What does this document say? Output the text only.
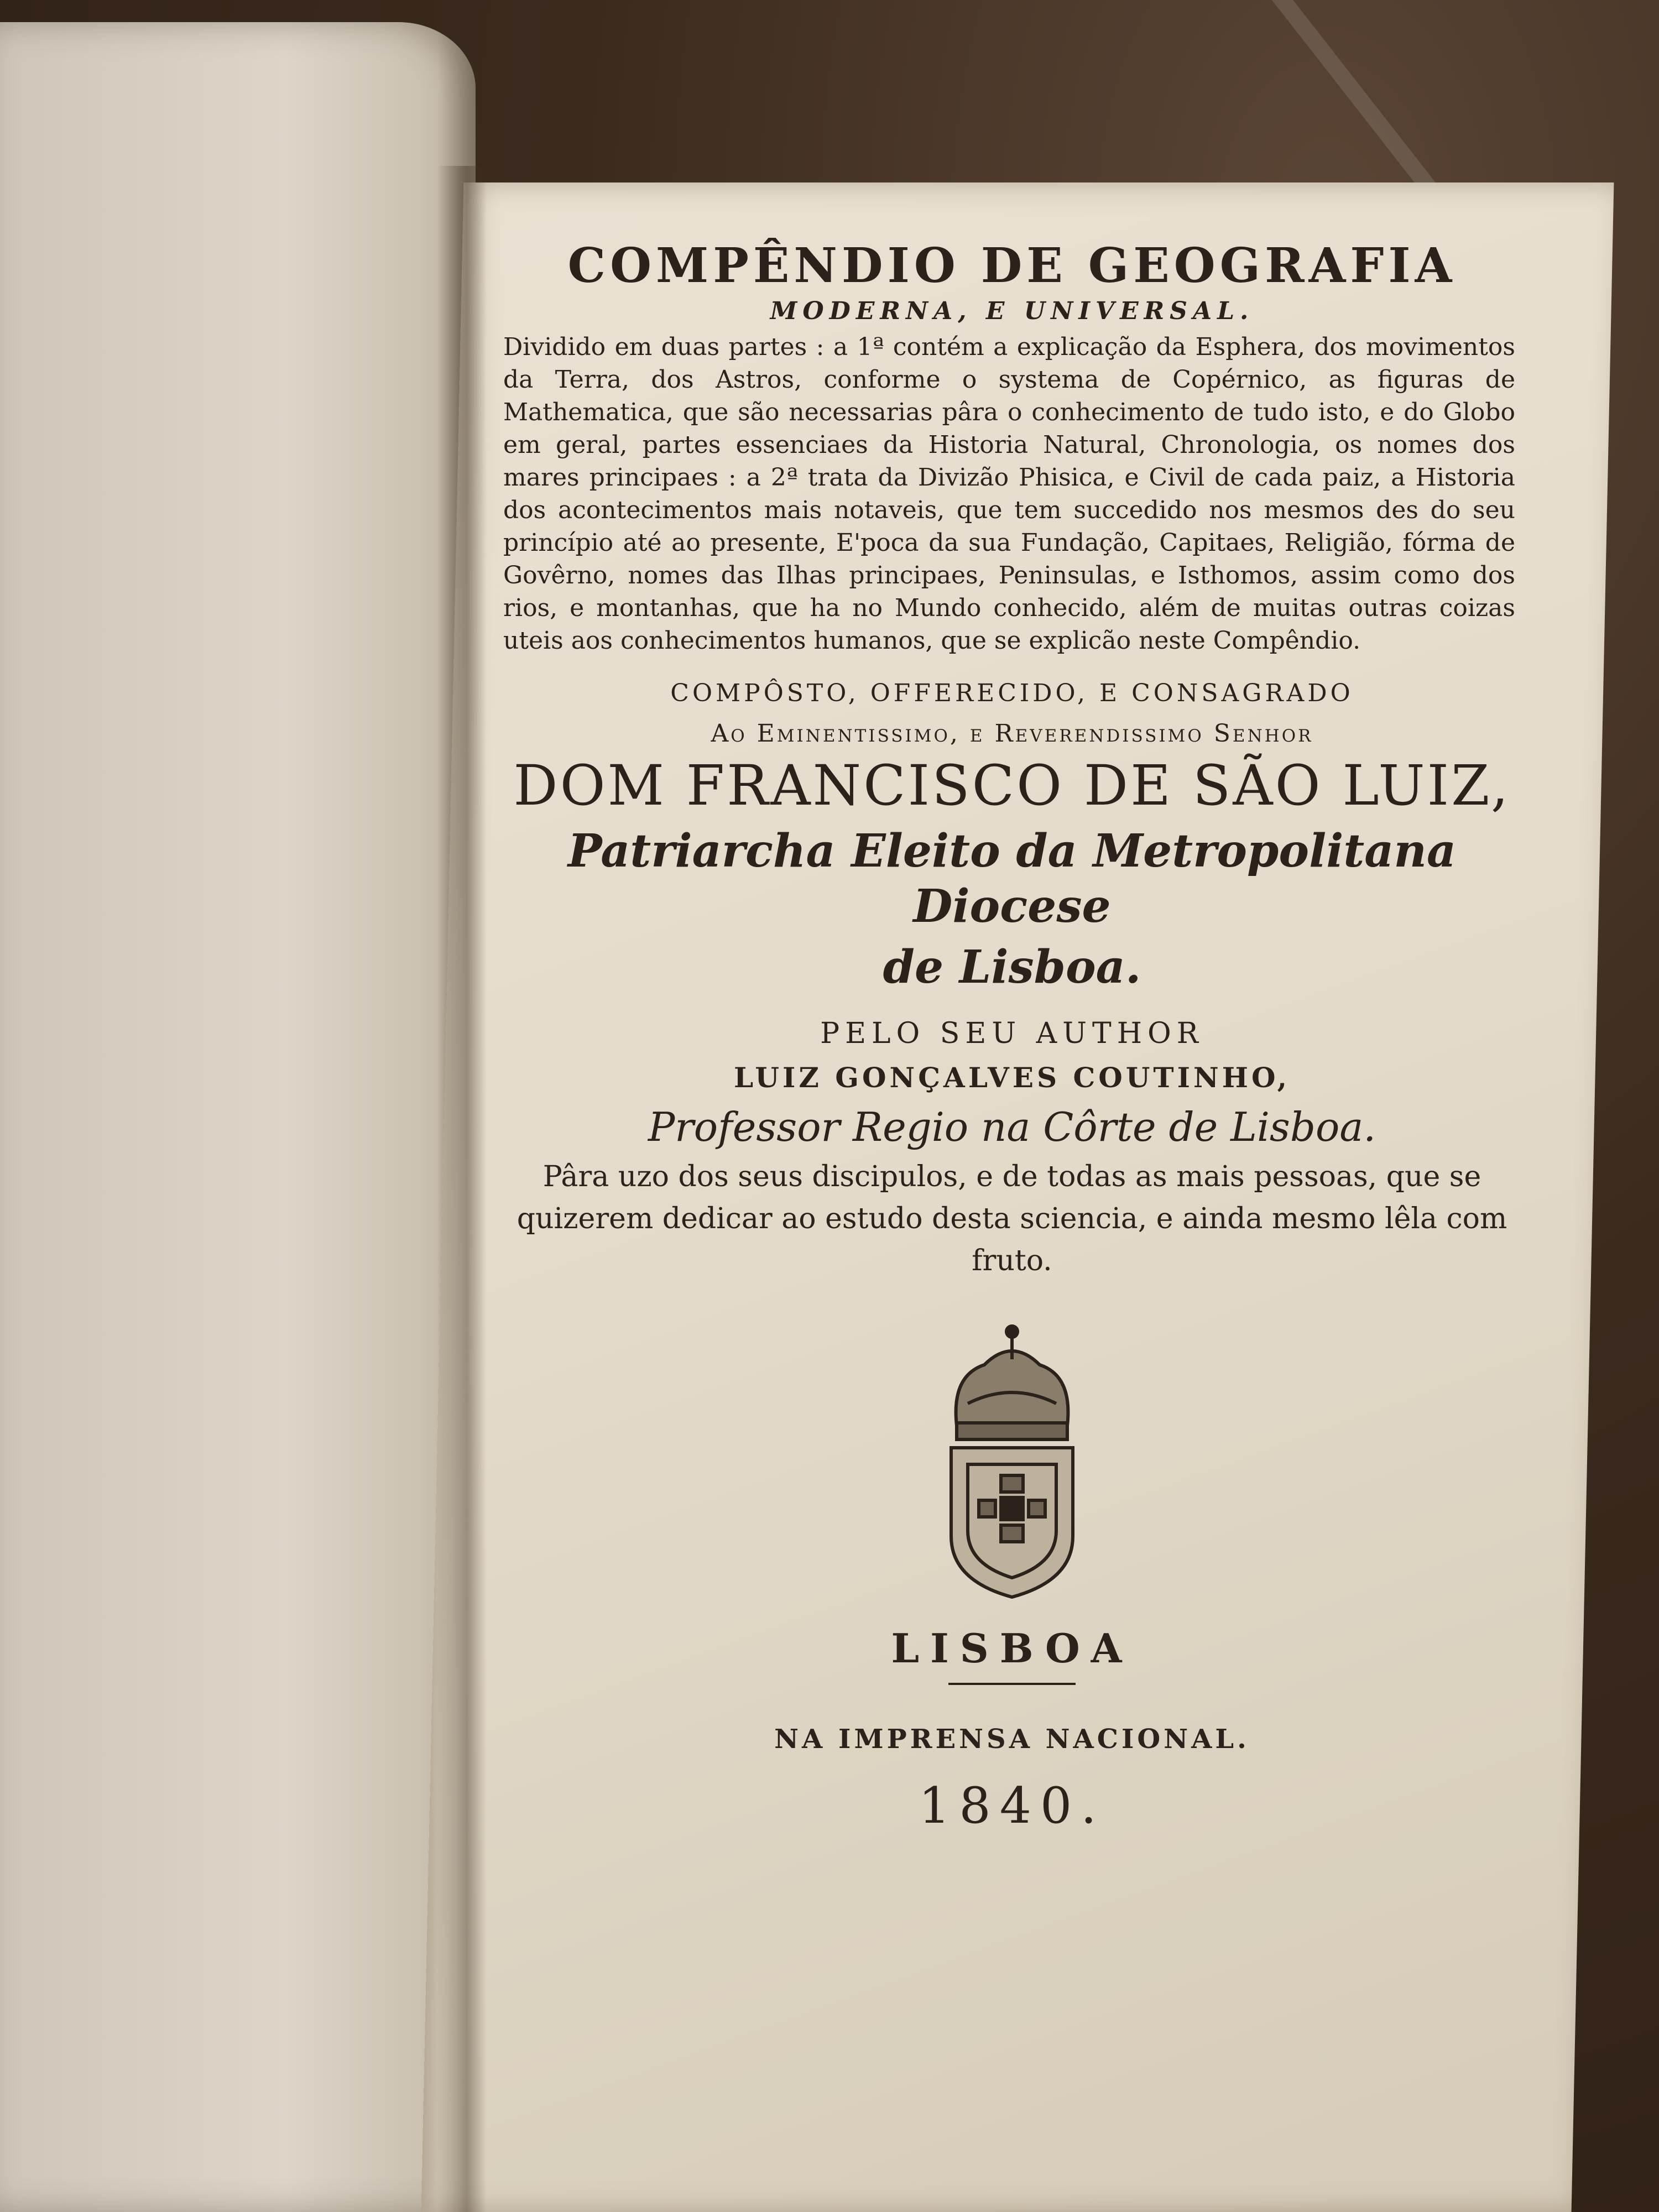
COMPÊNDIO DE GEOGRAFIA
MODERNA, E UNIVERSAL.

Dividido em duas partes : a 1ª contém a explicação da Esphera, dos movimentos da Terra, dos Astros, conforme o systema de Copérnico, as figuras de Mathematica, que são necessarias pâra o conhecimento de tudo isto, e do Globo em geral, partes essenciaes da Historia Natural, Chronologia, os nomes dos mares principaes : a 2ª trata da Divizão Phisica, e Civil de cada paiz, a Historia dos acontecimentos mais notaveis, que tem succedido nos mesmos des do seu princípio até ao presente, E'poca da sua Fundação, Capitaes, Religião, fórma de Govêrno, nomes das Ilhas principaes, Peninsulas, e Isthomos, assim como dos rios, e montanhas, que ha no Mundo conhecido, além de muitas outras coizas uteis aos conhecimentos humanos, que se explicão neste Compêndio.

COMPÔSTO, OFFERECIDO, E CONSAGRADO
Ao Eminentissimo, e Reverendissimo Senhor
DOM FRANCISCO DE SÃO LUIZ,
Patriarcha Eleito da Metropolitana Diocese
de Lisboa.
PELO SEU AUTHOR
LUIZ GONÇALVES COUTINHO,
Professor Regio na Côrte de Lisboa.
Pâra uzo dos seus discipulos, e de todas as mais pessoas, que se quizerem dedicar ao estudo desta sciencia, e ainda mesmo lêla com fruto.
LISBOA
NA IMPRENSA NACIONAL.
1840.
